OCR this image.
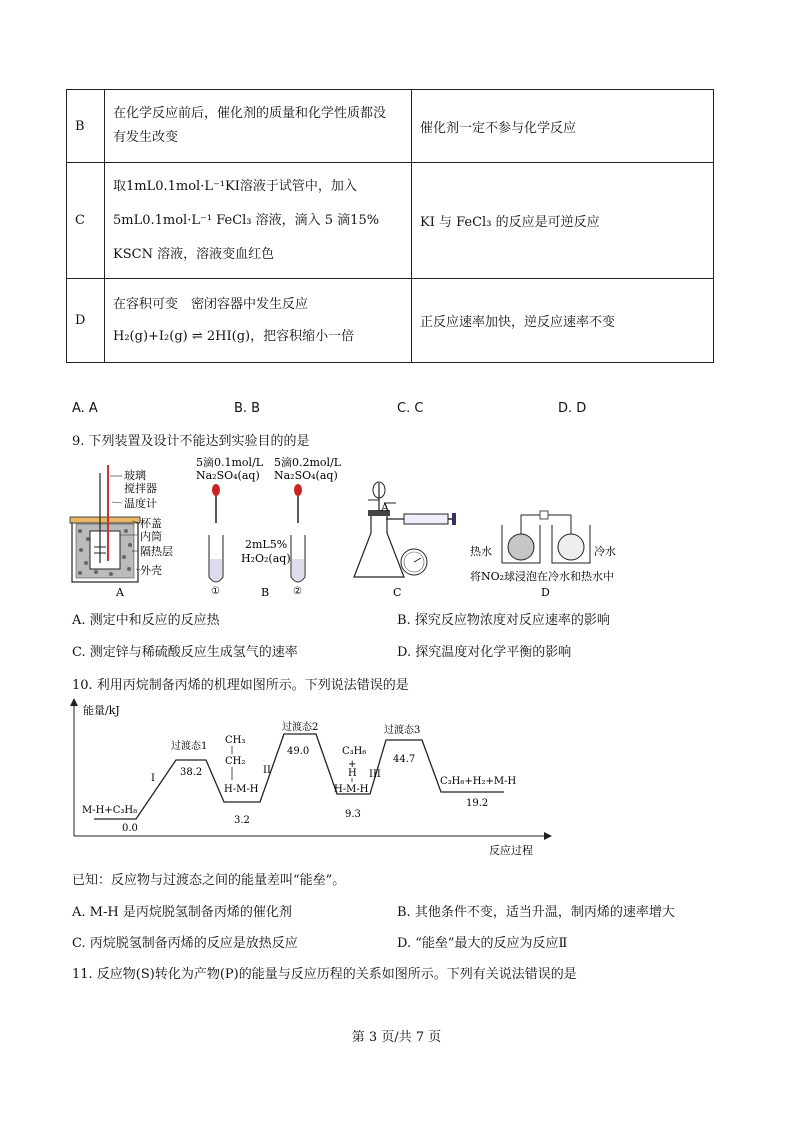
B	在化学反应前后，催化剂的质量和化学性质都没
有发生改变	催化剂一定不参与化学反应
C	取1mL0.1mol·L⁻¹KI溶液于试管中，加入
5mL0.1mol·L⁻¹ FeCl₃ 溶液，滴入 5 滴15%
KSCN 溶液，溶液变血红色	KI 与 FeCl₃ 的反应是可逆反应
D	在容积可变　密闭容器中发生反应
H₂(g)+I₂(g) ⇌ 2HI(g)，把容积缩小一倍	正反应速率加快，逆反应速率不变
A. A	B. B	C. C	D. D
9. 下列装置及设计不能达到实验目的的是
玻璃
搅拌器
温度计
杯盖
内筒
隔热层
外壳
A
5滴0.1mol/L
Na₂SO₄(aq)
5滴0.2mol/L
Na₂SO₄(aq)
2mL5%
H₂O₂(aq)
①	②
B
A
C
热水	冷水
将NO₂球浸泡在冷水和热水中
D
A. 测定中和反应的反应热	B. 探究反应物浓度对反应速率的影响
C. 测定锌与稀硫酸反应生成氢气的速率	D. 探究温度对化学平衡的影响
10. 利用丙烷制备丙烯的机理如图所示。下列说法错误的是
能量/kJ
反应过程
M-H+C₃H₈
0.0
过渡态1
38.2
I
CH₃
CH₂
H-M-H
3.2
II
过渡态2
49.0	C₃H₆
+
H
H-M-H
III
9.3
过渡态3
44.7
C₃H₆+H₂+M-H
19.2
已知：反应物与过渡态之间的能量差叫“能垒”。
A. M-H 是丙烷脱氢制备丙烯的催化剂	B. 其他条件不变，适当升温，制丙烯的速率增大
C. 丙烷脱氢制备丙烯的反应是放热反应	D. “能垒”最大的反应为反应Ⅱ
11. 反应物(S)转化为产物(P)的能量与反应历程的关系如图所示。下列有关说法错误的是
第 3 页/共 7 页
